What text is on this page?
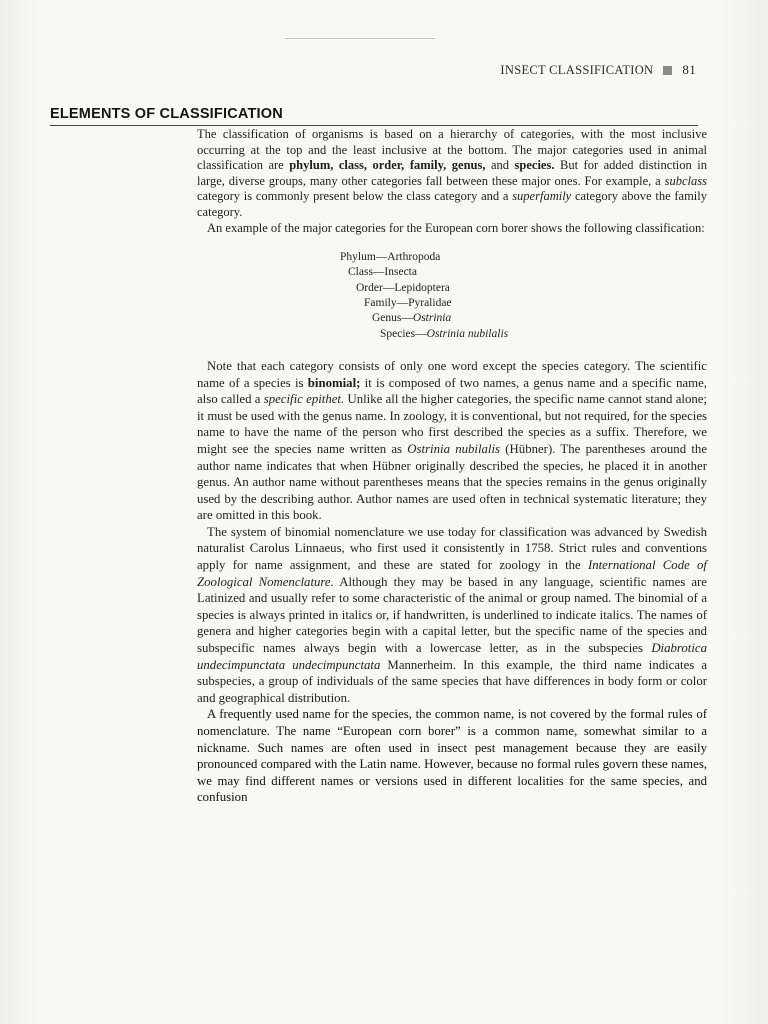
INSECT CLASSIFICATION 81
ELEMENTS OF CLASSIFICATION

The classification of organisms is based on a hierarchy of categories, with the most inclusive occurring at the top and the least inclusive at the bottom. The major categories used in animal classification are phylum, class, order, family, genus, and species. But for added distinction in large, diverse groups, many other categories fall between these major ones. For example, a subclass category is commonly present below the class category and a superfamily category above the family category.

An example of the major categories for the European corn borer shows the following classification:

Phylum—Arthropoda
Class—Insecta
Order—Lepidoptera
Family—Pyralidae
Genus—Ostrinia
Species—Ostrinia nubilalis

Note that each category consists of only one word except the species category. The scientific name of a species is binomial; it is composed of two names, a genus name and a specific name, also called a specific epithet. Unlike all the higher categories, the specific name cannot stand alone; it must be used with the genus name. In zoology, it is conventional, but not required, for the species name to have the name of the person who first described the species as a suffix. Therefore, we might see the species name written as Ostrinia nubilalis (Hübner). The parentheses around the author name indicates that when Hübner originally described the species, he placed it in another genus. An author name without parentheses means that the species remains in the genus originally used by the describing author. Author names are used often in technical systematic literature; they are omitted in this book.

The system of binomial nomenclature we use today for classification was advanced by Swedish naturalist Carolus Linnaeus, who first used it consistently in 1758. Strict rules and conventions apply for name assignment, and these are stated for zoology in the International Code of Zoological Nomenclature. Although they may be based in any language, scientific names are Latinized and usually refer to some characteristic of the animal or group named. The binomial of a species is always printed in italics or, if handwritten, is underlined to indicate italics. The names of genera and higher categories begin with a capital letter, but the specific name of the species and subspecific names always begin with a lowercase letter, as in the subspecies Diabrotica undecimpunctata undecimpunctata Mannerheim. In this example, the third name indicates a subspecies, a group of individuals of the same species that have differences in body form or color and geographical distribution.

A frequently used name for the species, the common name, is not covered by the formal rules of nomenclature. The name “European corn borer” is a common name, somewhat similar to a nickname. Such names are often used in insect pest management because they are easily pronounced compared with the Latin name. However, because no formal rules govern these names, we may find different names or versions used in different localities for the same species, and confusion
